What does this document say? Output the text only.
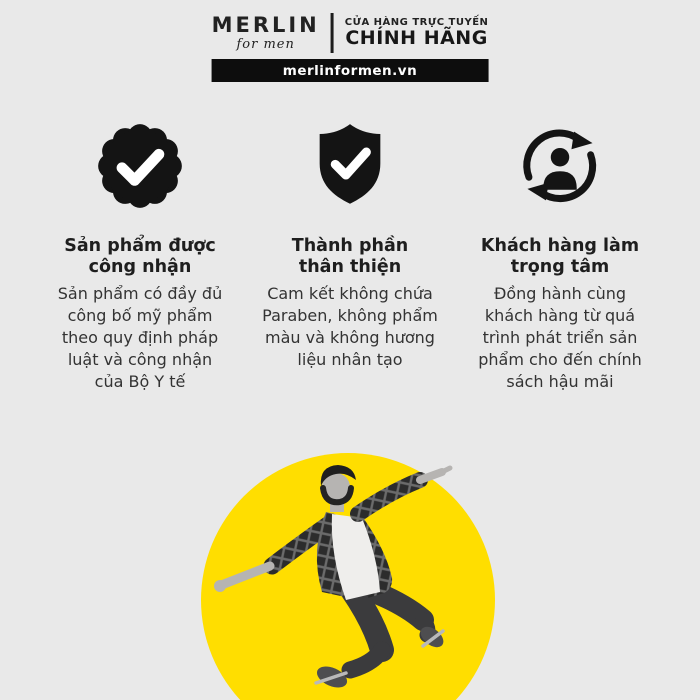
MERLIN
for men
CỬA HÀNG TRỰC TUYẾN
CHÍNH HÃNG
merlinformen.vn
Sản phẩm được
công nhận
Sản phẩm có đầy đủ công bố mỹ phẩm theo quy định pháp luật và công nhận của Bộ Y tế
Thành phần
thân thiện
Cam kết không chứa Paraben, không phẩm màu và không hương liệu nhân tạo
Khách hàng làm
trọng tâm
Đồng hành cùng khách hàng từ quá trình phát triển sản phẩm cho đến chính sách hậu mãi
